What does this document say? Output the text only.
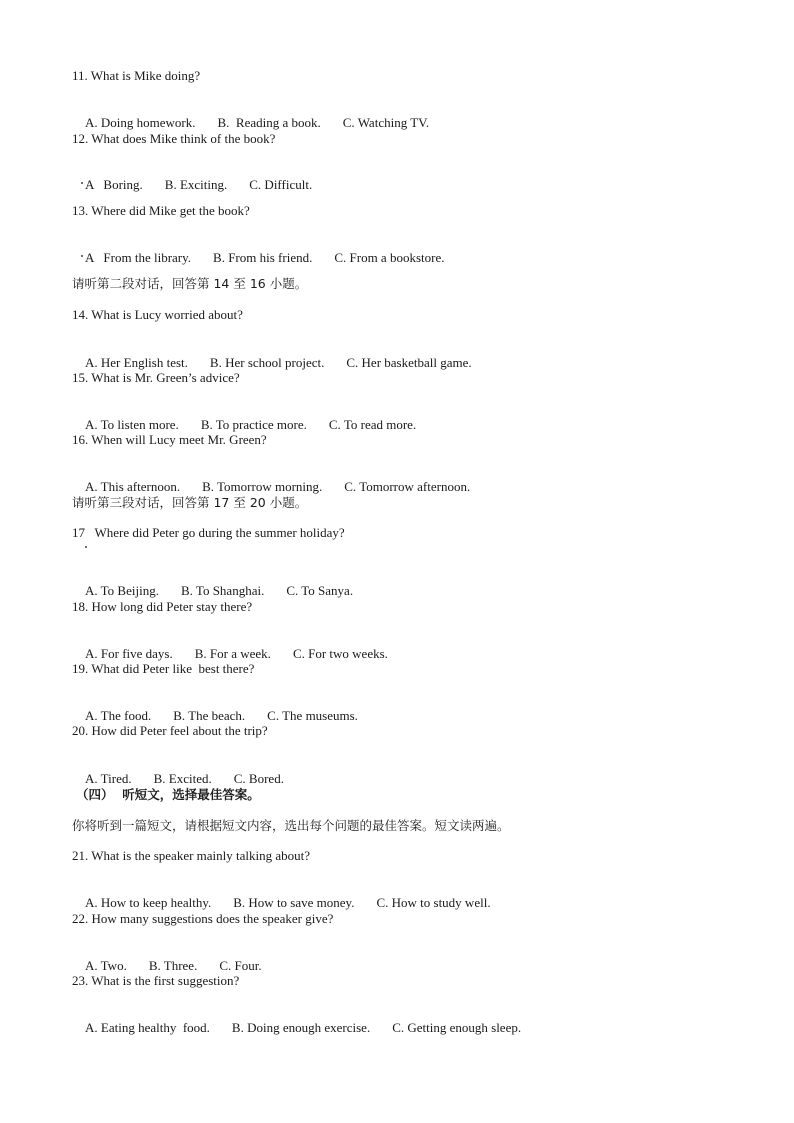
11. What is Mike doing?

A. Doing homework. B.  Reading a book. C. Watching TV.

12. What does Mike think of the book?

A   Boring. B. Exciting. C. Difficult.

13. Where did Mike get the book?

A   From the library. B. From his friend. C. From a bookstore.

请听第二段对话，回答第 14 至 16 小题。
14. What is Lucy worried about?

A. Her English test. B. Her school project. C. Her basketball game.

15. What is Mr. Green’s advice?

A. To listen more. B. To practice more. C. To read more.

16. When will Lucy meet Mr. Green?

A. This afternoon. B. Tomorrow morning. C. Tomorrow afternoon.

请听第三段对话，回答第 17 至 20 小题。
17   Where did Peter go during the summer holiday?

A. To Beijing. B. To Shanghai. C. To Sanya.

18. How long did Peter stay there?

A. For five days. B. For a week. C. For two weeks.

19. What did Peter like  best there?

A. The food. B. The beach. C. The museums.

20. How did Peter feel about the trip?

A. Tired. B. Excited. C. Bored.

（四）  听短文，选择最佳答案。
你将听到一篇短文，请根据短文内容，选出每个问题的最佳答案。短文读两遍。
21. What is the speaker mainly talking about?

A. How to keep healthy. B. How to save money. C. How to study well.

22. How many suggestions does the speaker give?

A. Two. B. Three. C. Four.

23. What is the first suggestion?

A. Eating healthy  food. B. Doing enough exercise. C. Getting enough sleep.
